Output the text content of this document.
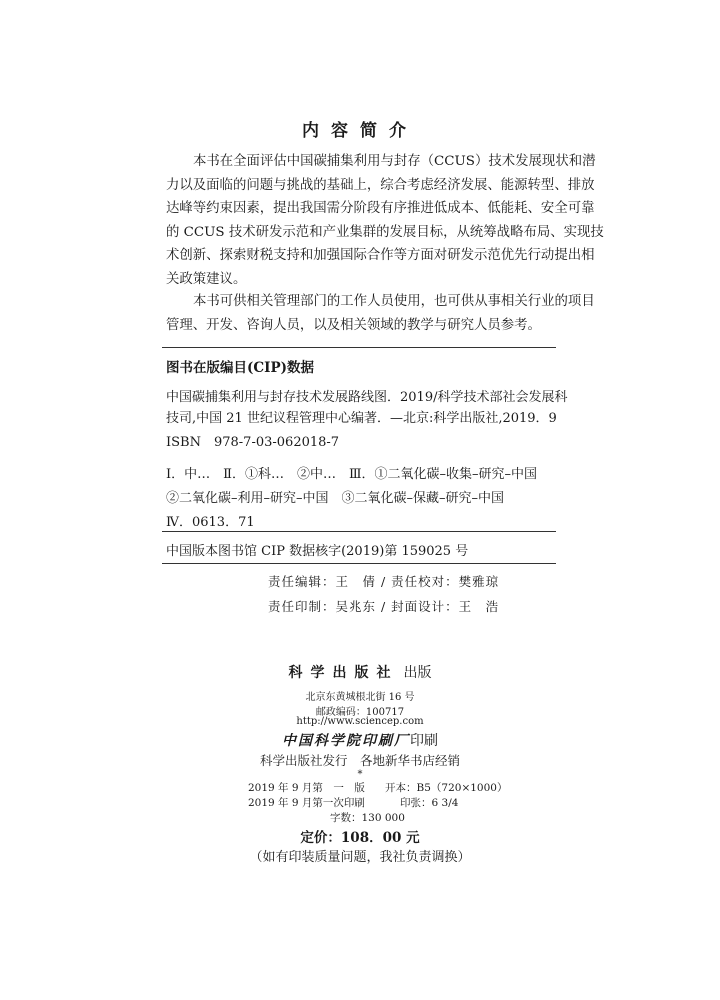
内容简介
本书在全面评估中国碳捕集利用与封存（CCUS）技术发展现状和潜
力以及面临的问题与挑战的基础上，综合考虑经济发展、能源转型、排放
达峰等约束因素，提出我国需分阶段有序推进低成本、低能耗、安全可靠
的 CCUS 技术研发示范和产业集群的发展目标，从统筹战略布局、实现技
术创新、探索财税支持和加强国际合作等方面对研发示范优先行动提出相
关政策建议。
本书可供相关管理部门的工作人员使用，也可供从事相关行业的项目
管理、开发、咨询人员，以及相关领域的教学与研究人员参考。
图书在版编目(CIP)数据
中国碳捕集利用与封存技术发展路线图．2019/科学技术部社会发展科
技司,中国 21 世纪议程管理中心编著．—北京:科学出版社,2019．9
ISBN　978-7-03-062018-7
Ⅰ．中…　Ⅱ．①科…　②中…　Ⅲ．①二氧化碳–收集–研究–中国
②二氧化碳–利用–研究–中国　③二氧化碳–保藏–研究–中国
Ⅳ．0613．71
中国版本图书馆 CIP 数据核字(2019)第 159025 号
责任编辑：王　倩 / 责任校对：樊雅琼
责任印制：吴兆东 / 封面设计：王　浩
科学出版社 出版
北京东黄城根北街 16 号
邮政编码：100717
http://www.sciencep.com
中国科学院印刷厂印刷
科学出版社发行　各地新华书店经销
*
2019 年 9 月第　一　版 开本：B5（720×1000）
2019 年 9 月第一次印刷	印张：6 3/4
字数：130 000
定价：108．00 元
（如有印装质量问题，我社负责调换）
